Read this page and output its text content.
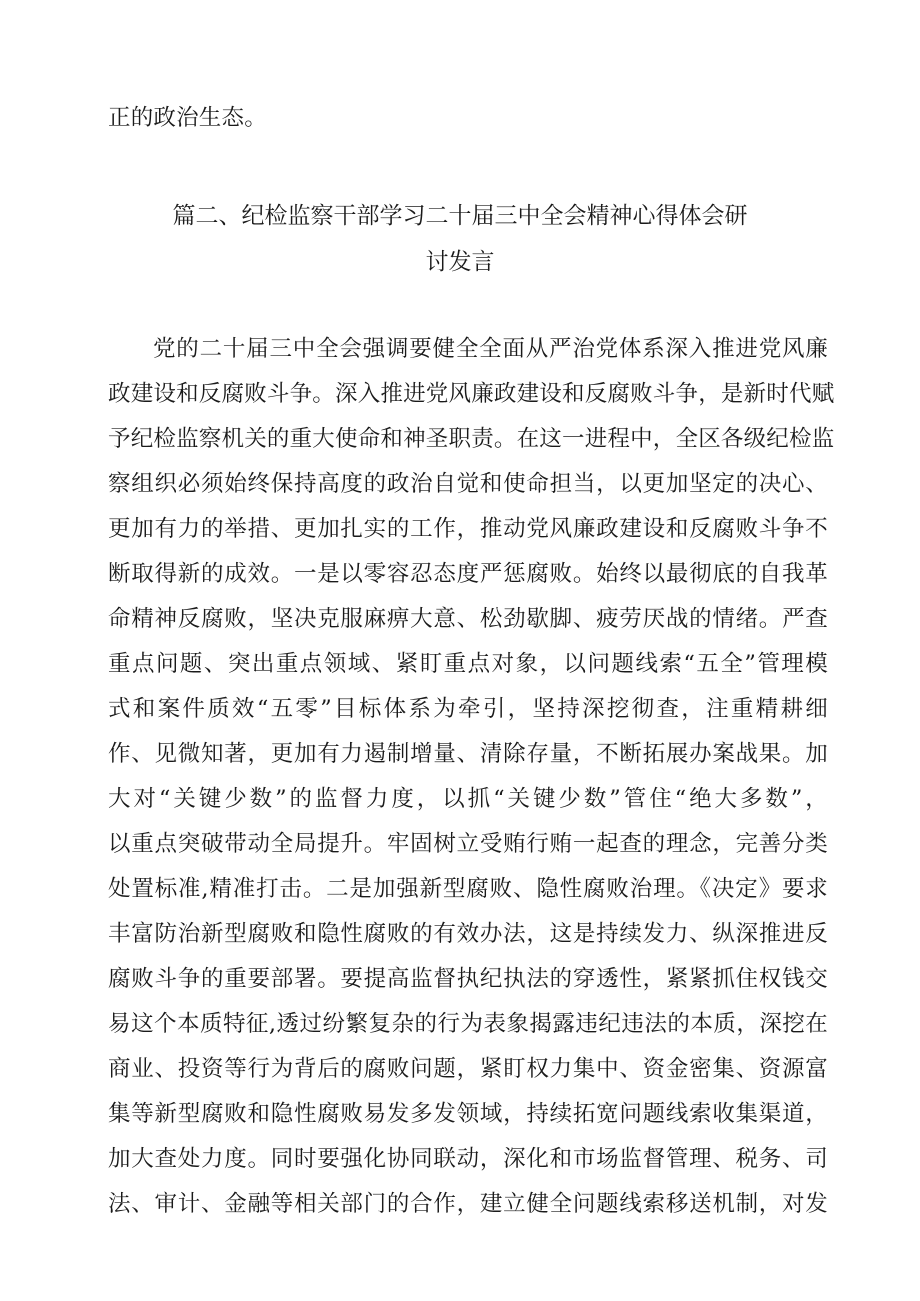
正的政治生态。
篇二、纪检监察干部学习二十届三中全会精神心得体会研
讨发言
党的二十届三中全会强调要健全全面从严治党体系深入推进党风廉
政建设和反腐败斗争。深入推进党风廉政建设和反腐败斗争，是新时代赋
予纪检监察机关的重大使命和神圣职责。在这一进程中，全区各级纪检监
察组织必须始终保持高度的政治自觉和使命担当，以更加坚定的决心、
更加有力的举措、更加扎实的工作，推动党风廉政建设和反腐败斗争不
断取得新的成效。一是以零容忍态度严惩腐败。始终以最彻底的自我革
命精神反腐败，坚决克服麻痹大意、松劲歇脚、疲劳厌战的情绪。严查
重点问题、突出重点领域、紧盯重点对象，以问题线索“五全”管理模
式和案件质效“五零”目标体系为牵引，坚持深挖彻查，注重精耕细
作、见微知著，更加有力遏制增量、清除存量，不断拓展办案战果。加
大对“关键少数”的监督力度，以抓“关键少数”管住“绝大多数”，
以重点突破带动全局提升。牢固树立受贿行贿一起查的理念，完善分类
处置标准,精准打击。二是加强新型腐败、隐性腐败治理。《决定》要求
丰富防治新型腐败和隐性腐败的有效办法，这是持续发力、纵深推进反
腐败斗争的重要部署。要提高监督执纪执法的穿透性，紧紧抓住权钱交
易这个本质特征,透过纷繁复杂的行为表象揭露违纪违法的本质，深挖在
商业、投资等行为背后的腐败问题，紧盯权力集中、资金密集、资源富
集等新型腐败和隐性腐败易发多发领域，持续拓宽问题线索收集渠道，
加大查处力度。同时要强化协同联动，深化和市场监督管理、税务、司
法、审计、金融等相关部门的合作，建立健全问题线索移送机制，对发
